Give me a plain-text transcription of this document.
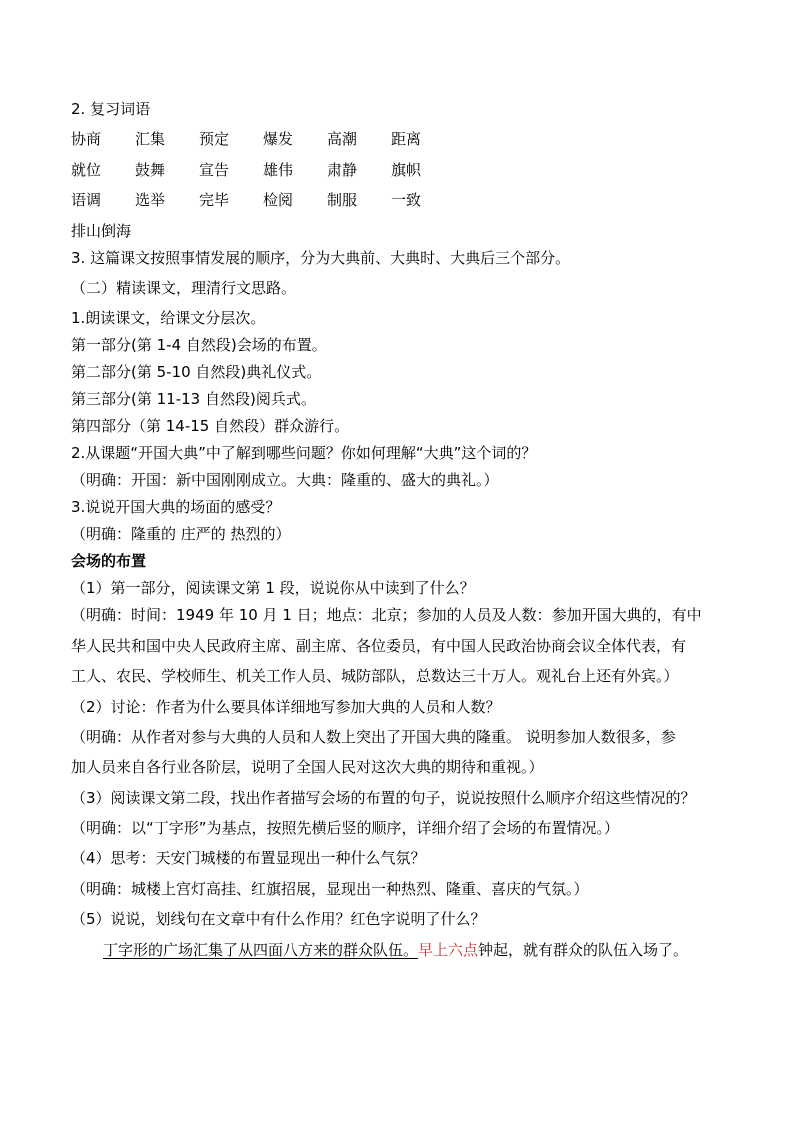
2. 复习词语
协商	汇集	预定	爆发	高潮	距离
就位	鼓舞	宣告	雄伟	肃静	旗帜
语调	选举	完毕	检阅	制服	一致
排山倒海
3. 这篇课文按照事情发展的顺序，分为大典前、大典时、大典后三个部分。
（二）精读课文，理清行文思路。
1.朗读课文，给课文分层次。
第一部分(第 1-4 自然段)会场的布置。
第二部分(第 5-10 自然段)典礼仪式。
第三部分(第 11-13 自然段)阅兵式。
第四部分（第 14-15 自然段）群众游行。
2.从课题“开国大典”中了解到哪些问题？你如何理解“大典”这个词的？
（明确：开国：新中国刚刚成立。大典：隆重的、盛大的典礼。）
3.说说开国大典的场面的感受？
（明确：隆重的 庄严的 热烈的）
会场的布置
（1）第一部分，阅读课文第 1 段，说说你从中读到了什么？
（明确：时间：1949 年 10 月 1 日；地点：北京；参加的人员及人数：参加开国大典的，有中
华人民共和国中央人民政府主席、副主席、各位委员，有中国人民政治协商会议全体代表，有
工人、农民、学校师生、机关工作人员、城防部队，总数达三十万人。观礼台上还有外宾。）
（2）讨论：作者为什么要具体详细地写参加大典的人员和人数？
（明确：从作者对参与大典的人员和人数上突出了开国大典的隆重。 说明参加人数很多，参
加人员来自各行业各阶层，说明了全国人民对这次大典的期待和重视。）
（3）阅读课文第二段，找出作者描写会场的布置的句子，说说按照什么顺序介绍这些情况的？
（明确：以“丁字形”为基点，按照先横后竖的顺序，详细介绍了会场的布置情况。）
（4）思考：天安门城楼的布置显现出一种什么气氛？
（明确：城楼上宫灯高挂、红旗招展，显现出一种热烈、隆重、喜庆的气氛。）
（5）说说，划线句在文章中有什么作用？红色字说明了什么？
丁字形的广场汇集了从四面八方来的群众队伍。早上六点钟起，就有群众的队伍入场了。
